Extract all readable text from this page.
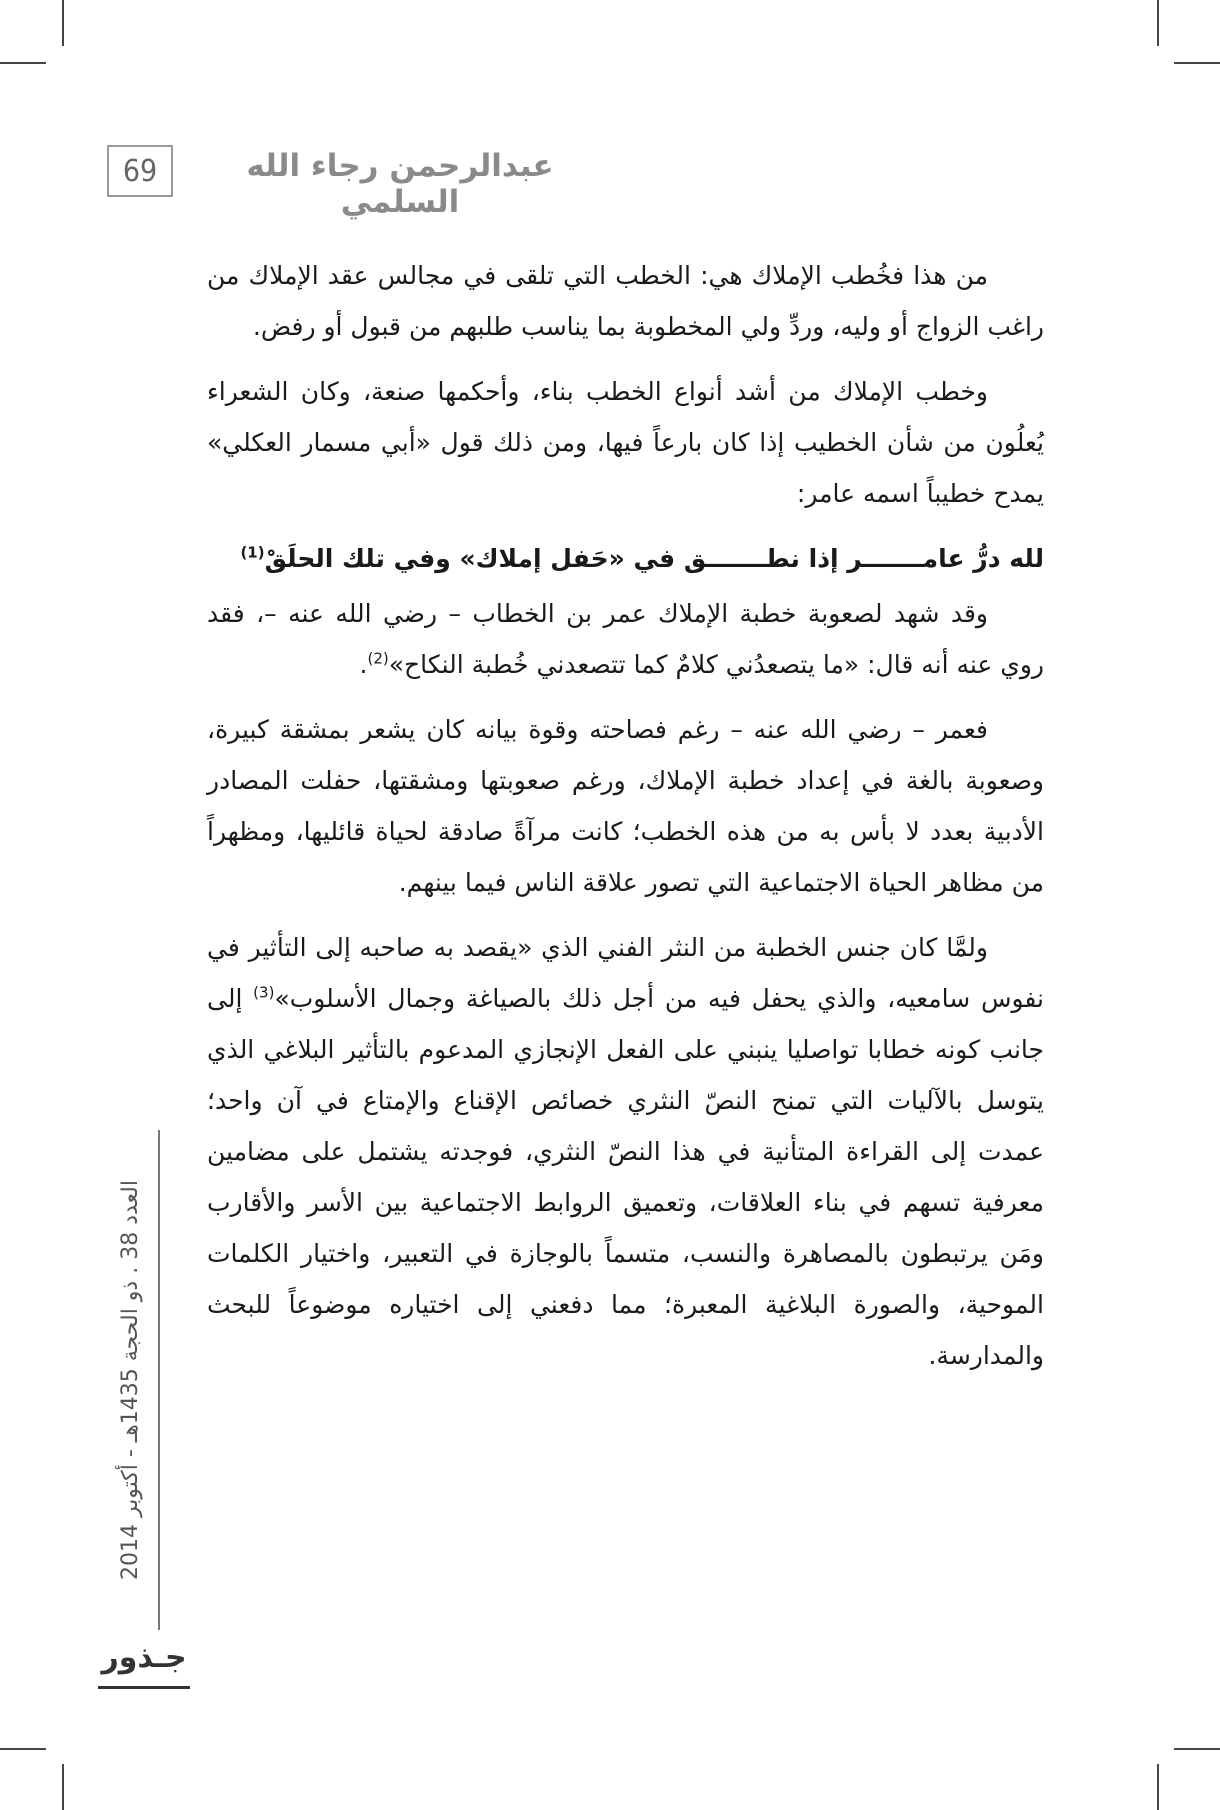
69	عبدالرحمن رجاء الله السلمي

من هذا فخُطب الإملاك هي: الخطب التي تلقى في مجالس عقد الإملاك من راغب الزواج أو وليه، وردِّ ولي المخطوبة بما يناسب طلبهم من قبول أو رفض.

وخطب الإملاك من أشد أنواع الخطب بناء، وأحكمها صنعة، وكان الشعراء يُعلُون من شأن الخطيب إذا كان بارعاً فيها، ومن ذلك قول «أبي مسمار العكلي» يمدح خطيباً اسمه عامر:

لله درُّ عامـــــــر إذا نطـــــــق في «حَفل إملاك» وفي تلك الحلَقْ$^{(1)}$

وقد شهد لصعوبة خطبة الإملاك عمر بن الخطاب – رضي الله عنه –، فقد روي عنه أنه قال: «ما يتصعدُني كلامٌ كما تتصعدني خُطبة النكاح»$^{(2)}$.

فعمر – رضي الله عنه – رغم فصاحته وقوة بيانه كان يشعر بمشقة كبيرة، وصعوبة بالغة في إعداد خطبة الإملاك، ورغم صعوبتها ومشقتها، حفلت المصادر الأدبية بعدد لا بأس به من هذه الخطب؛ كانت مرآةً صادقة لحياة قائليها، ومظهراً من مظاهر الحياة الاجتماعية التي تصور علاقة الناس فيما بينهم.

ولمَّا كان جنس الخطبة من النثر الفني الذي «يقصد به صاحبه إلى التأثير في نفوس سامعيه، والذي يحفل فيه من أجل ذلك بالصياغة وجمال الأسلوب»$^{(3)}$ إلى جانب كونه خطابا تواصليا ينبني على الفعل الإنجازي المدعوم بالتأثير البلاغي الذي يتوسل بالآليات التي تمنح النصّ النثري خصائص الإقناع والإمتاع في آن واحد؛ عمدت إلى القراءة المتأنية في هذا النصّ النثري، فوجدته يشتمل على مضامين معرفية تسهم في بناء العلاقات، وتعميق الروابط الاجتماعية بين الأسر والأقارب ومَن يرتبطون بالمصاهرة والنسب، متسماً بالوجازة في التعبير، واختيار الكلمات الموحية، والصورة البلاغية المعبرة؛ مما دفعني إلى اختياره موضوعاً للبحث والمدارسة.

العدد 38 . ذو الحجة 1435هـ - أكتوبر 2014
جـذور
